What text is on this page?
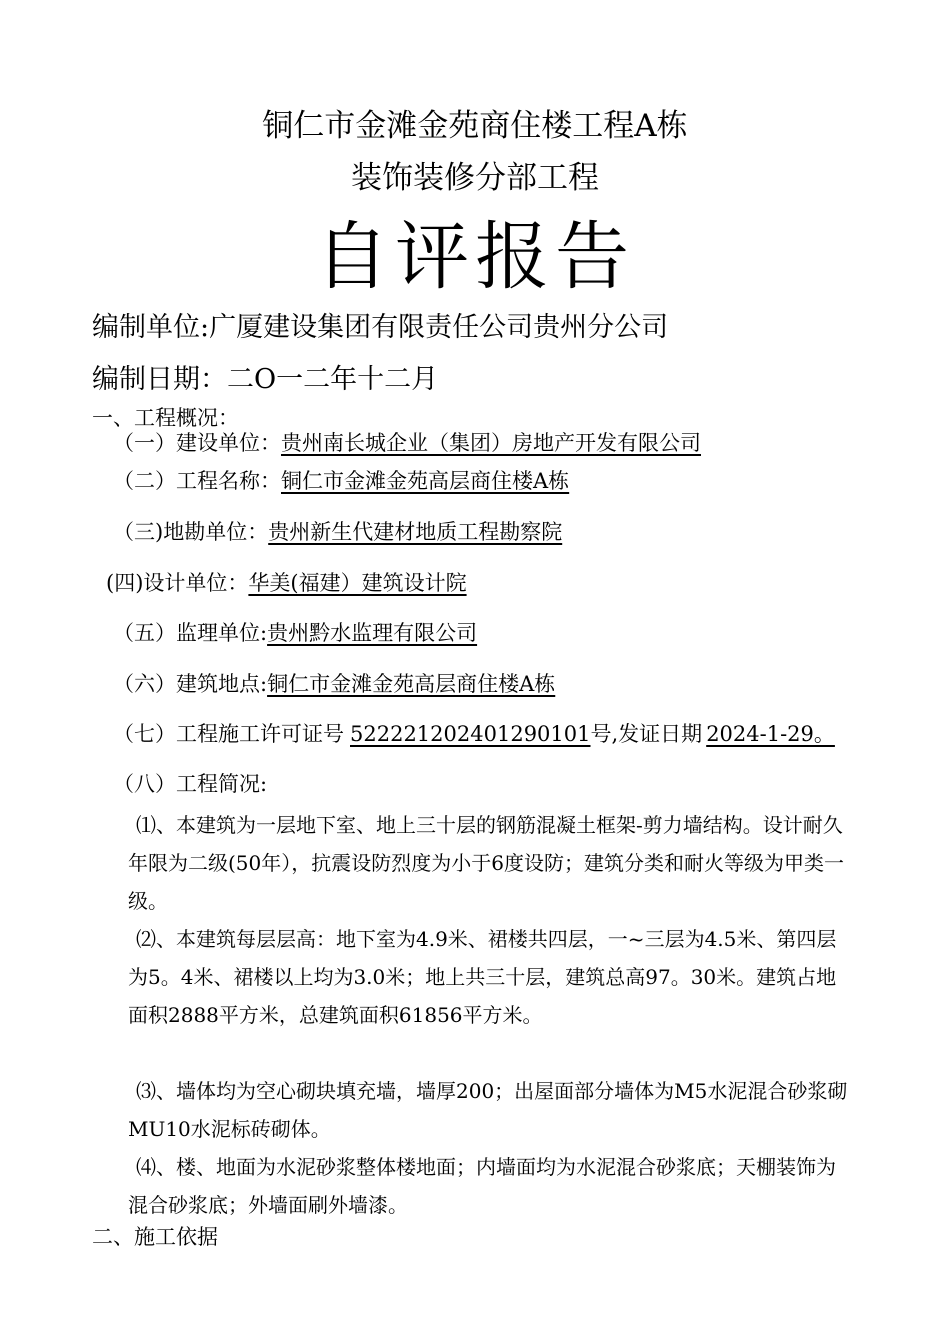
铜仁市金滩金苑商住楼工程A栋
装饰装修分部工程
自评报告
编制单位:广厦建设集团有限责任公司贵州分公司
编制日期：二O一二年十二月
一、工程概况：
（一）建设单位：贵州南长城企业（集团）房地产开发有限公司
（二）工程名称：铜仁市金滩金苑高层商住楼A栋
（三)地勘单位：贵州新生代建材地质工程勘察院
(四)设计单位：华美(福建）建筑设计院
（五）监理单位:贵州黔水监理有限公司
（六）建筑地点:铜仁市金滩金苑高层商住楼A栋
（七）工程施工许可证号 522221202401290101号,发证日期 2024-1-29。
（八）工程简况:
⑴、本建筑为一层地下室、地上三十层的钢筋混凝土框架-剪力墙结构。设计耐久年限为二级(50年），抗震设防烈度为小于6度设防；建筑分类和耐火等级为甲类一级。
⑵、本建筑每层层高：地下室为4.9米、裙楼共四层，一~三层为4.5米、第四层为5。4米、裙楼以上均为3.0米；地上共三十层，建筑总高97。30米。建筑占地面积2888平方米，总建筑面积61856平方米。
⑶、墙体均为空心砌块填充墙，墙厚200；出屋面部分墙体为M5水泥混合砂浆砌MU10水泥标砖砌体。
⑷、楼、地面为水泥砂浆整体楼地面；内墙面均为水泥混合砂浆底；天棚装饰为混合砂浆底；外墙面刷外墙漆。
二、施工依据
